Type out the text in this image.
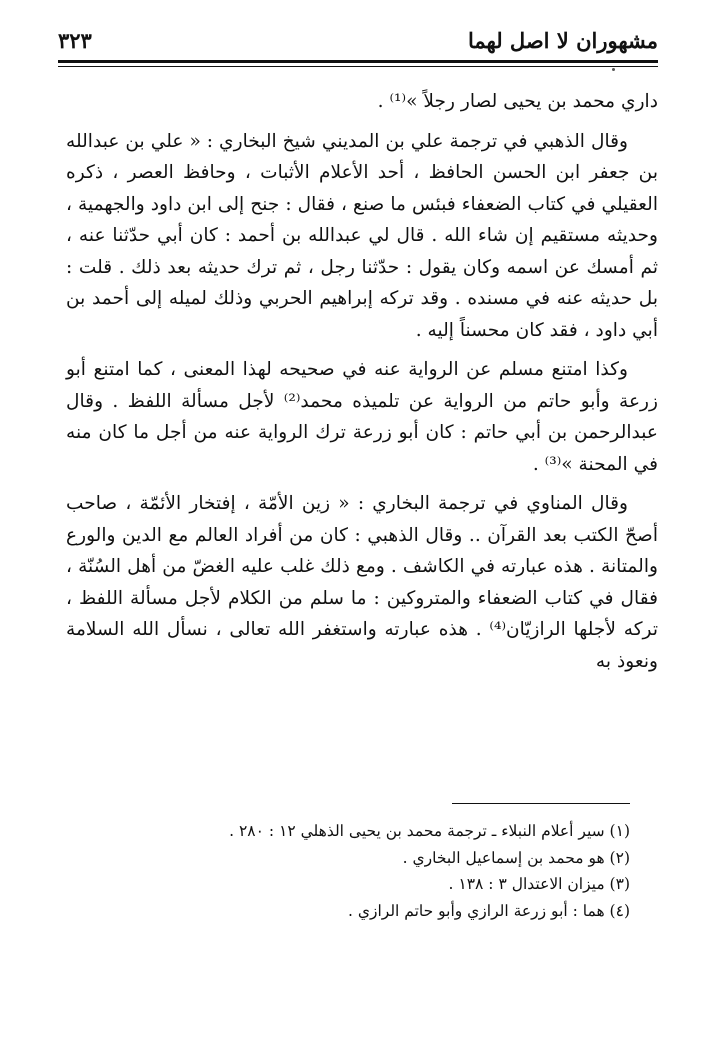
مشهوران لا اصل لهما
٣٢٣

داري محمد بن يحيى لصار رجلاً »⁽¹⁾ .

وقال الذهبي في ترجمة علي بن المديني شيخ البخاري : « علي بن عبدالله بن جعفر ابن الحسن الحافظ ، أحد الأعلام الأثبات ، وحافظ العصر ، ذكره العقيلي في كتاب الضعفاء فبئس ما صنع ، فقال : جنح إلى ابن داود والجهمية ، وحديثه مستقيم إن شاء الله . قال لي عبدالله بن أحمد : كان أبي حدّثنا عنه ، ثم أمسك عن اسمه وكان يقول : حدّثنا رجل ، ثم ترك حديثه بعد ذلك . قلت : بل حديثه عنه في مسنده . وقد تركه إبراهيم الحربي وذلك لميله إلى أحمد بن أبي داود ، فقد كان محسناً إليه .

وكذا امتنع مسلم عن الرواية عنه في صحيحه لهذا المعنى ، كما امتنع أبو زرعة وأبو حاتم من الرواية عن تلميذه محمد⁽²⁾ لأجل مسألة اللفظ . وقال عبدالرحمن بن أبي حاتم : كان أبو زرعة ترك الرواية عنه من أجل ما كان منه في المحنة »⁽³⁾ .

وقال المناوي في ترجمة البخاري : « زين الأمّة ، إفتخار الأئمّة ، صاحب أصحّ الكتب بعد القرآن .. وقال الذهبي : كان من أفراد العالم مع الدين والورع والمتانة . هذه عبارته في الكاشف . ومع ذلك غلب عليه الغضّ من أهل السُنّة ، فقال في كتاب الضعفاء والمتروكين : ما سلم من الكلام لأجل مسألة اللفظ ، تركه لأجلها الرازيّان⁽⁴⁾ . هذه عبارته واستغفر الله تعالى ، نسأل الله السلامة ونعوذ به

(١) سير أعلام النبلاء ـ ترجمة محمد بن يحيى الذهلي ١٢ : ٢٨٠ .

(٢) هو محمد بن إسماعيل البخاري .

(٣) ميزان الاعتدال ٣ : ١٣٨ .

(٤) هما : أبو زرعة الرازي وأبو حاتم الرازي .
